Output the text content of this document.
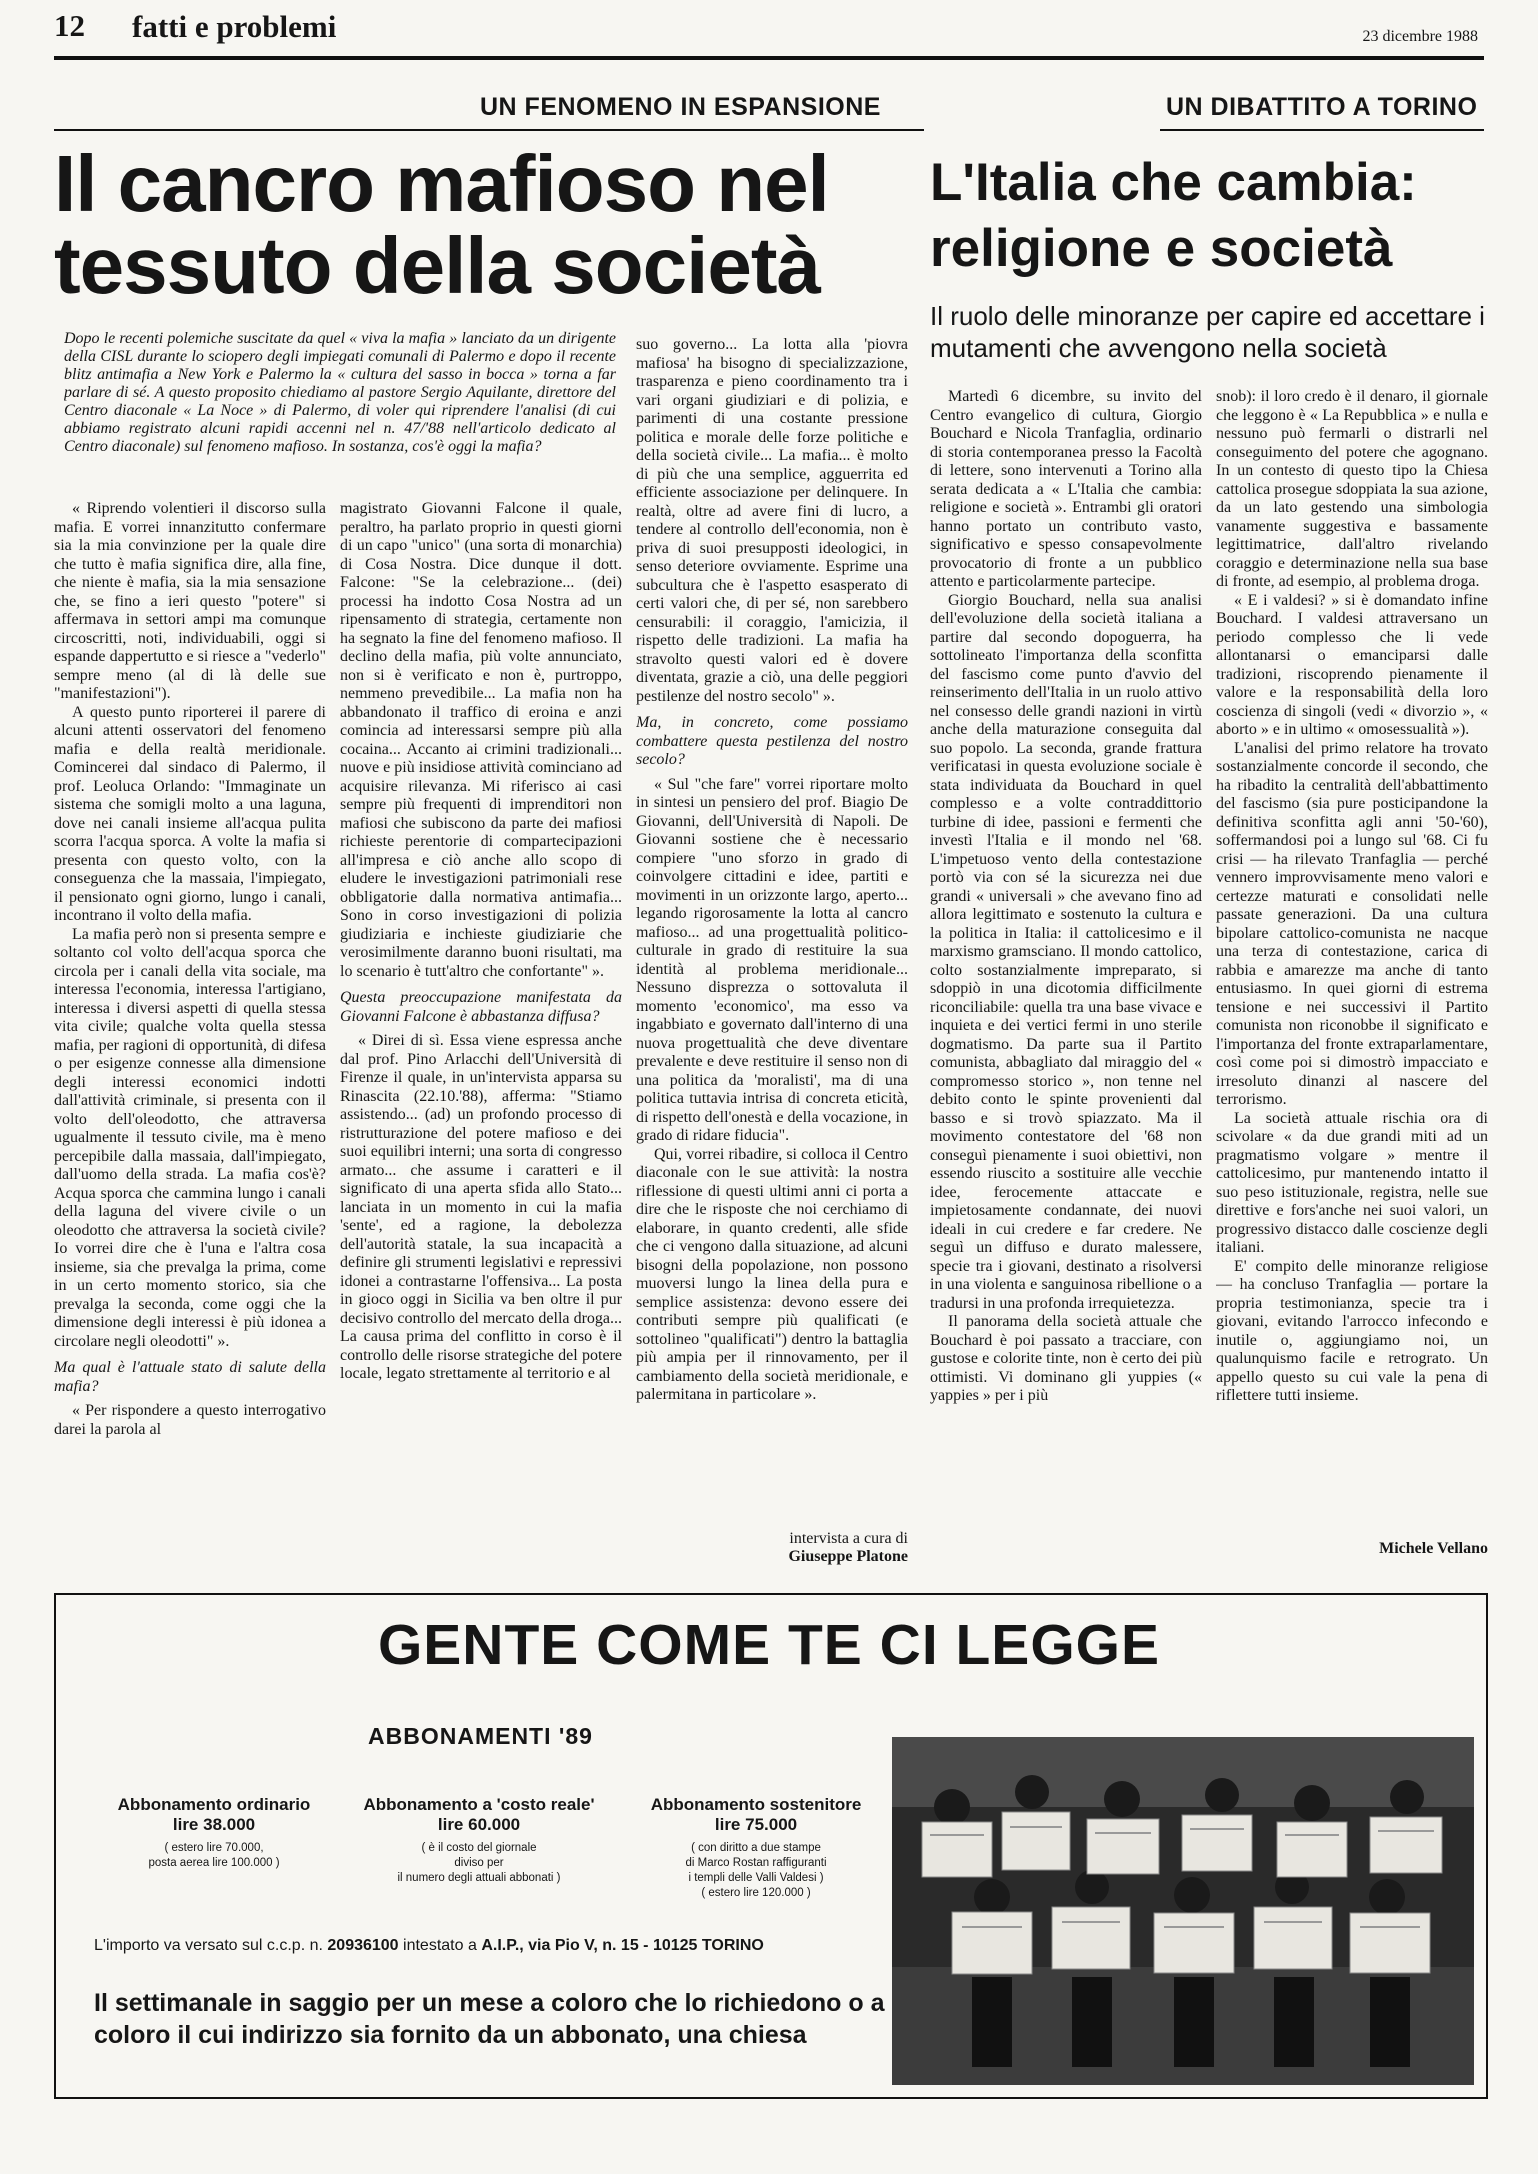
12 fatti e problemi	23 dicembre 1988
UN FENOMENO IN ESPANSIONE	UN DIBATTITO A TORINO
Il cancro mafioso nel
tessuto della società
L'Italia che cambia:
religione e società
Il ruolo delle minoranze per capire ed accettare i mutamenti che avvengono nella società
Dopo le recenti polemiche suscitate da quel « viva la mafia » lanciato da un dirigente della CISL durante lo sciopero degli impiegati comunali di Palermo e dopo il recente blitz antimafia a New York e Palermo la « cultura del sasso in bocca » torna a far parlare di sé. A questo proposito chiediamo al pastore Sergio Aquilante, direttore del Centro diaconale « La Noce » di Palermo, di voler qui riprendere l'analisi (di cui abbiamo registrato alcuni rapidi accenni nel n. 47/'88 nell'articolo dedicato al Centro diaconale) sul fenomeno mafioso. In sostanza, cos'è oggi la mafia?

« Riprendo volentieri il discorso sulla mafia. E vorrei innanzitutto confermare sia la mia convinzione per la quale dire che tutto è mafia significa dire, alla fine, che niente è mafia, sia la mia sensazione che, se fino a ieri questo "potere" si affermava in settori ampi ma comunque circoscritti, noti, individuabili, oggi si espande dappertutto e si riesce a "vederlo" sempre meno (al di là delle sue "manifestazioni").

A questo punto riporterei il parere di alcuni attenti osservatori del fenomeno mafia e della realtà meridionale. Comincerei dal sindaco di Palermo, il prof. Leoluca Orlando: "Immaginate un sistema che somigli molto a una laguna, dove nei canali insieme all'acqua pulita scorra l'acqua sporca. A volte la mafia si presenta con questo volto, con la conseguenza che la massaia, l'impiegato, il pensionato ogni giorno, lungo i canali, incontrano il volto della mafia.

La mafia però non si presenta sempre e soltanto col volto dell'acqua sporca che circola per i canali della vita sociale, ma interessa l'economia, interessa l'artigiano, interessa i diversi aspetti di quella stessa vita civile; qualche volta quella stessa mafia, per ragioni di opportunità, di difesa o per esigenze connesse alla dimensione degli interessi economici indotti dall'attività criminale, si presenta con il volto dell'oleodotto, che attraversa ugualmente il tessuto civile, ma è meno percepibile dalla massaia, dall'impiegato, dall'uomo della strada. La mafia cos'è? Acqua sporca che cammina lungo i canali della laguna del vivere civile o un oleodotto che attraversa la società civile? Io vorrei dire che è l'una e l'altra cosa insieme, sia che prevalga la prima, come in un certo momento storico, sia che prevalga la seconda, come oggi che la dimensione degli interessi è più idonea a circolare negli oleodotti" ».

Ma qual è l'attuale stato di salute della mafia?

« Per rispondere a questo interrogativo darei la parola al

magistrato Giovanni Falcone il quale, peraltro, ha parlato proprio in questi giorni di un capo "unico" (una sorta di monarchia) di Cosa Nostra. Dice dunque il dott. Falcone: "Se la celebrazione... (dei) processi ha indotto Cosa Nostra ad un ripensamento di strategia, certamente non ha segnato la fine del fenomeno mafioso. Il declino della mafia, più volte annunciato, non si è verificato e non è, purtroppo, nemmeno prevedibile... La mafia non ha abbandonato il traffico di eroina e anzi comincia ad interessarsi sempre più alla cocaina... Accanto ai crimini tradizionali... nuove e più insidiose attività cominciano ad acquisire rilevanza. Mi riferisco ai casi sempre più frequenti di imprenditori non mafiosi che subiscono da parte dei mafiosi richieste perentorie di compartecipazioni all'impresa e ciò anche allo scopo di eludere le investigazioni patrimoniali rese obbligatorie dalla normativa antimafia... Sono in corso investigazioni di polizia giudiziaria e inchieste giudiziarie che verosimilmente daranno buoni risultati, ma lo scenario è tutt'altro che confortante" ».

Questa preoccupazione manifestata da Giovanni Falcone è abbastanza diffusa?

« Direi di sì. Essa viene espressa anche dal prof. Pino Arlacchi dell'Università di Firenze il quale, in un'intervista apparsa su Rinascita (22.10.'88), afferma: "Stiamo assistendo... (ad) un profondo processo di ristrutturazione del potere mafioso e dei suoi equilibri interni; una sorta di congresso armato... che assume i caratteri e il significato di una aperta sfida allo Stato... lanciata in un momento in cui la mafia 'sente', ed a ragione, la debolezza dell'autorità statale, la sua incapacità a definire gli strumenti legislativi e repressivi idonei a contrastarne l'offensiva... La posta in gioco oggi in Sicilia va ben oltre il pur decisivo controllo del mercato della droga... La causa prima del conflitto in corso è il controllo delle risorse strategiche del potere locale, legato strettamente al territorio e al

suo governo... La lotta alla 'piovra mafiosa' ha bisogno di specializzazione, trasparenza e pieno coordinamento tra i vari organi giudiziari e di polizia, e parimenti di una costante pressione politica e morale delle forze politiche e della società civile... La mafia... è molto di più che una semplice, agguerrita ed efficiente associazione per delinquere. In realtà, oltre ad avere fini di lucro, a tendere al controllo dell'economia, non è priva di suoi presupposti ideologici, in senso deteriore ovviamente. Esprime una subcultura che è l'aspetto esasperato di certi valori che, di per sé, non sarebbero censurabili: il coraggio, l'amicizia, il rispetto delle tradizioni. La mafia ha stravolto questi valori ed è dovere diventata, grazie a ciò, una delle peggiori pestilenze del nostro secolo" ».

Ma, in concreto, come possiamo combattere questa pestilenza del nostro secolo?

« Sul "che fare" vorrei riportare molto in sintesi un pensiero del prof. Biagio De Giovanni, dell'Università di Napoli. De Giovanni sostiene che è necessario compiere "uno sforzo in grado di coinvolgere cittadini e idee, partiti e movimenti in un orizzonte largo, aperto... legando rigorosamente la lotta al cancro mafioso... ad una progettualità politico-culturale in grado di restituire la sua identità al problema meridionale... Nessuno disprezza o sottovaluta il momento 'economico', ma esso va ingabbiato e governato dall'interno di una nuova progettualità che deve diventare prevalente e deve restituire il senso non di una politica da 'moralisti', ma di una politica tuttavia intrisa di concreta eticità, di rispetto dell'onestà e della vocazione, in grado di ridare fiducia".

Qui, vorrei ribadire, si colloca il Centro diaconale con le sue attività: la nostra riflessione di questi ultimi anni ci porta a dire che le risposte che noi cerchiamo di elaborare, in quanto credenti, alle sfide che ci vengono dalla situazione, ad alcuni bisogni della popolazione, non possono muoversi lungo la linea della pura e semplice assistenza: devono essere dei contributi sempre più qualificati (e sottolineo "qualificati") dentro la battaglia più ampia per il rinnovamento, per il cambiamento della società meridionale, e palermitana in particolare ».

intervista a cura di
Giuseppe Platone

Martedì 6 dicembre, su invito del Centro evangelico di cultura, Giorgio Bouchard e Nicola Tranfaglia, ordinario di storia contemporanea presso la Facoltà di lettere, sono intervenuti a Torino alla serata dedicata a « L'Italia che cambia: religione e società ». Entrambi gli oratori hanno portato un contributo vasto, significativo e spesso consapevolmente provocatorio di fronte a un pubblico attento e particolarmente partecipe.

Giorgio Bouchard, nella sua analisi dell'evoluzione della società italiana a partire dal secondo dopoguerra, ha sottolineato l'importanza della sconfitta del fascismo come punto d'avvio del reinserimento dell'Italia in un ruolo attivo nel consesso delle grandi nazioni in virtù anche della maturazione conseguita dal suo popolo. La seconda, grande frattura verificatasi in questa evoluzione sociale è stata individuata da Bouchard in quel complesso e a volte contraddittorio turbine di idee, passioni e fermenti che investì l'Italia e il mondo nel '68. L'impetuoso vento della contestazione portò via con sé la sicurezza nei due grandi « universali » che avevano fino ad allora legittimato e sostenuto la cultura e la politica in Italia: il cattolicesimo e il marxismo gramsciano. Il mondo cattolico, colto sostanzialmente impreparato, si sdoppiò in una dicotomia difficilmente riconciliabile: quella tra una base vivace e inquieta e dei vertici fermi in uno sterile dogmatismo. Da parte sua il Partito comunista, abbagliato dal miraggio del « compromesso storico », non tenne nel debito conto le spinte provenienti dal basso e si trovò spiazzato. Ma il movimento contestatore del '68 non conseguì pienamente i suoi obiettivi, non essendo riuscito a sostituire alle vecchie idee, ferocemente attaccate e impietosamente condannate, dei nuovi ideali in cui credere e far credere. Ne seguì un diffuso e durato malessere, specie tra i giovani, destinato a risolversi in una violenta e sanguinosa ribellione o a tradursi in una profonda irrequietezza.

Il panorama della società attuale che Bouchard è poi passato a tracciare, con gustose e colorite tinte, non è certo dei più ottimisti. Vi dominano gli yuppies (« yappies » per i più

snob): il loro credo è il denaro, il giornale che leggono è « La Repubblica » e nulla e nessuno può fermarli o distrarli nel conseguimento del potere che agognano. In un contesto di questo tipo la Chiesa cattolica prosegue sdoppiata la sua azione, da un lato gestendo una simbologia vanamente suggestiva e bassamente legittimatrice, dall'altro rivelando coraggio e determinazione nella sua base di fronte, ad esempio, al problema droga.

« E i valdesi? » si è domandato infine Bouchard. I valdesi attraversano un periodo complesso che li vede allontanarsi o emanciparsi dalle tradizioni, riscoprendo pienamente il valore e la responsabilità della loro coscienza di singoli (vedi « divorzio », « aborto » e in ultimo « omosessualità »).

L'analisi del primo relatore ha trovato sostanzialmente concorde il secondo, che ha ribadito la centralità dell'abbattimento del fascismo (sia pure posticipandone la definitiva sconfitta agli anni '50-'60), soffermandosi poi a lungo sul '68. Ci fu crisi — ha rilevato Tranfaglia — perché vennero improvvisamente meno valori e certezze maturati e consolidati nelle passate generazioni. Da una cultura bipolare cattolico-comunista ne nacque una terza di contestazione, carica di rabbia e amarezze ma anche di tanto entusiasmo. In quei giorni di estrema tensione e nei successivi il Partito comunista non riconobbe il significato e l'importanza del fronte extraparlamentare, così come poi si dimostrò impacciato e irresoluto dinanzi al nascere del terrorismo.

La società attuale rischia ora di scivolare « da due grandi miti ad un pragmatismo volgare » mentre il cattolicesimo, pur mantenendo intatto il suo peso istituzionale, registra, nelle sue direttive e fors'anche nei suoi valori, un progressivo distacco dalle coscienze degli italiani.

E' compito delle minoranze religiose — ha concluso Tranfaglia — portare la propria testimonianza, specie tra i giovani, evitando l'arrocco infecondo e inutile o, aggiungiamo noi, un qualunquismo facile e retrograto. Un appello questo su cui vale la pena di riflettere tutti insieme.

Michele Vellano
GENTE COME TE CI LEGGE
ABBONAMENTI '89
Abbonamento ordinario
lire 38.000
( estero lire 70.000,
posta aerea lire 100.000 )
Abbonamento a 'costo reale'
lire 60.000
( è il costo del giornale
diviso per
il numero degli attuali abbonati )
Abbonamento sostenitore
lire 75.000
( con diritto a due stampe
di Marco Rostan raffiguranti
i templi delle Valli Valdesi )
( estero lire 120.000 )
L'importo va versato sul c.c.p. n. 20936100 intestato a A.I.P., via Pio V, n. 15 - 10125 TORINO
Il settimanale in saggio per un mese a coloro che lo richiedono o a coloro il cui indirizzo sia fornito da un abbonato, una chiesa
